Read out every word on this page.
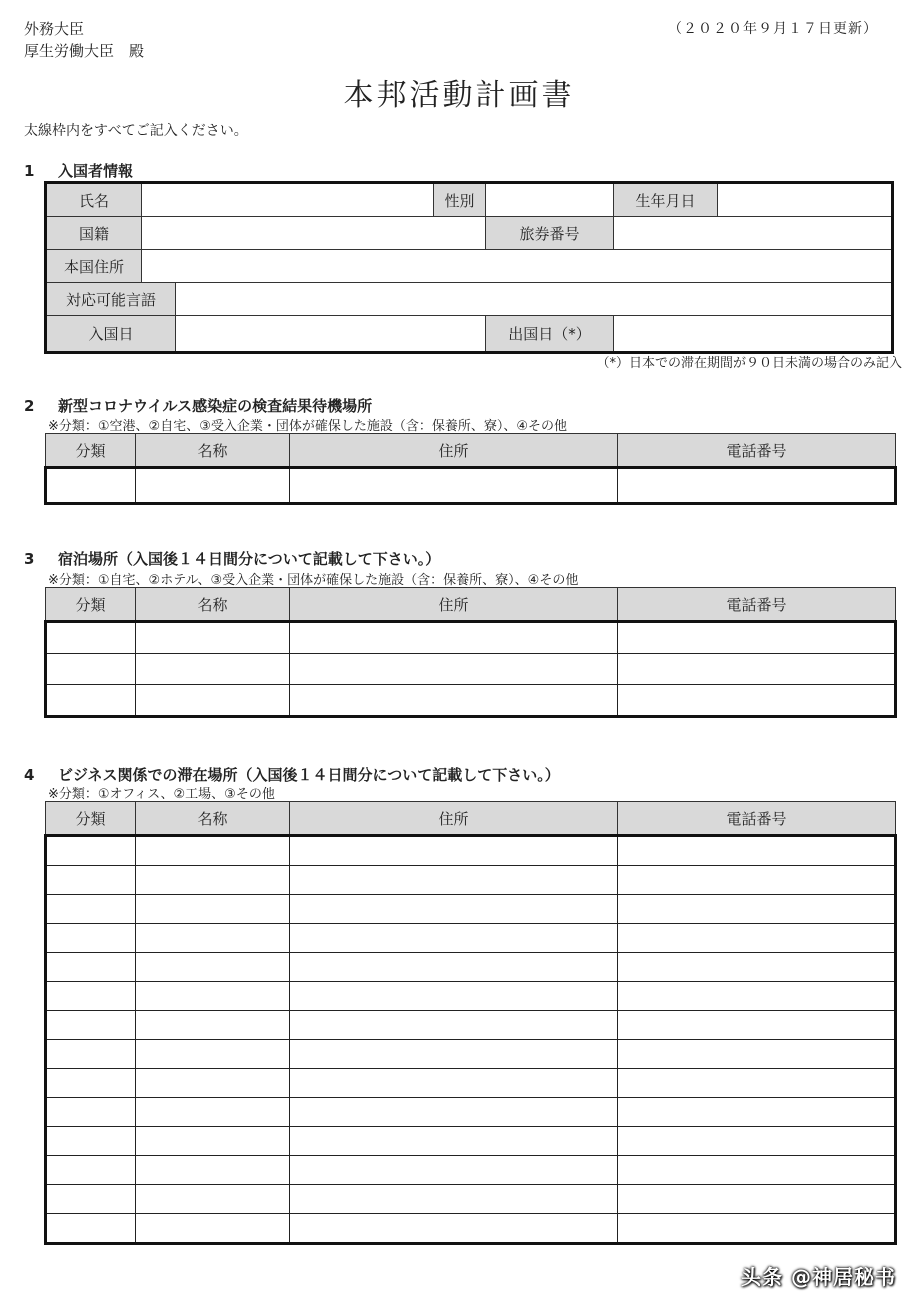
外務大臣
厚生労働大臣　殿
（２０２０年９月１７日更新）
本邦活動計画書
太線枠内をすべてご記入ください。
1 入国者情報
氏名	性別	生年月日
国籍	旅券番号
本国住所
対応可能言語
入国日	出国日（*）
（*）日本での滞在期間が９０日未満の場合のみ記入
2 新型コロナウイルス感染症の検査結果待機場所
※分類：①空港、②自宅、③受入企業・団体が確保した施設（含：保養所、寮）、④その他
分類	名称	住所	電話番号

3 宿泊場所（入国後１４日間分について記載して下さい。）
※分類：①自宅、②ホテル、③受入企業・団体が確保した施設（含：保養所、寮）、④その他
分類	名称	住所	電話番号

4 ビジネス関係での滞在場所（入国後１４日間分について記載して下さい。）
※分類：①オフィス、②工場、③その他
分類	名称	住所	電話番号

头条 @神居秘书
